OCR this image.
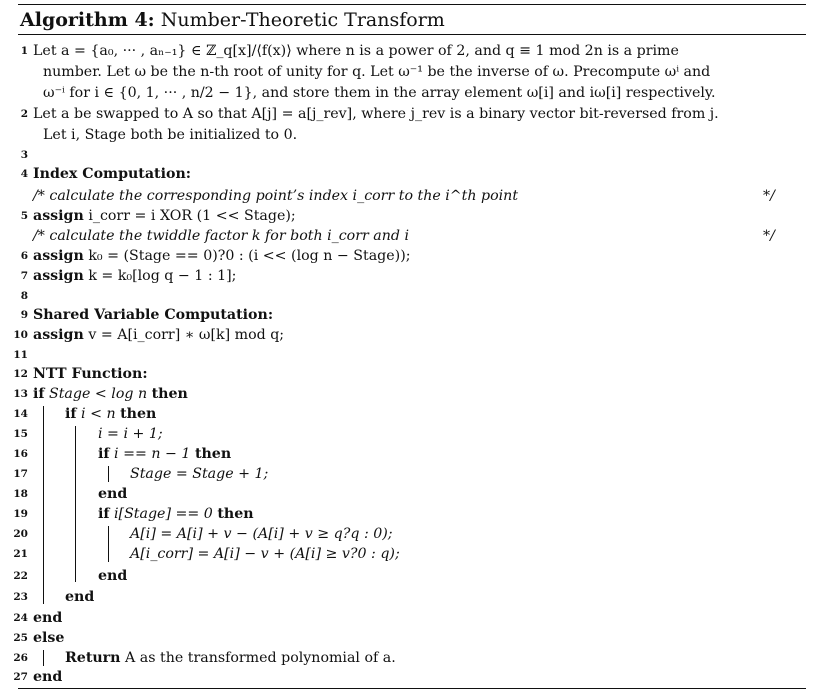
Algorithm 4: Number-Theoretic Transform
1 Let a = {a₀, ··· , aₙ₋₁} ∈ ℤ_q[x]/⟨f(x)⟩ where n is a power of 2, and q ≡ 1 mod 2n is a prime
number. Let ω be the n-th root of unity for q. Let ω⁻¹ be the inverse of ω. Precompute ωⁱ and
ω⁻ⁱ for i ∈ {0, 1, ··· , n/2 − 1}, and store them in the array element ω[i] and iω[i] respectively.
2 Let a be swapped to A so that A[j] = a[j_rev], where j_rev is a binary vector bit-reversed from j.
Let i, Stage both be initialized to 0.
3
4 Index Computation:
/* calculate the corresponding point’s index i_corr to the i^th point	*/
5 assign i_corr = i XOR (1 << Stage);
/* calculate the twiddle factor k for both i_corr and i	*/
6 assign k₀ = (Stage == 0)?0 : (i << (log n − Stage));
7 assign k = k₀[log q − 1 : 1];
8
9 Shared Variable Computation:
10 assign v = A[i_corr] ∗ ω[k] mod q;
11
12 NTT Function:
13 if Stage < log n then
14	if i < n then
15	i = i + 1;
16	if i == n − 1 then
17	Stage = Stage + 1;
18	end
19	if i[Stage] == 0 then
20	A[i] = A[i] + v − (A[i] + v ≥ q?q : 0);
21	A[i_corr] = A[i] − v + (A[i] ≥ v?0 : q);
22	end
23	end
24 end
25 else
26	Return A as the transformed polynomial of a.
27 end
